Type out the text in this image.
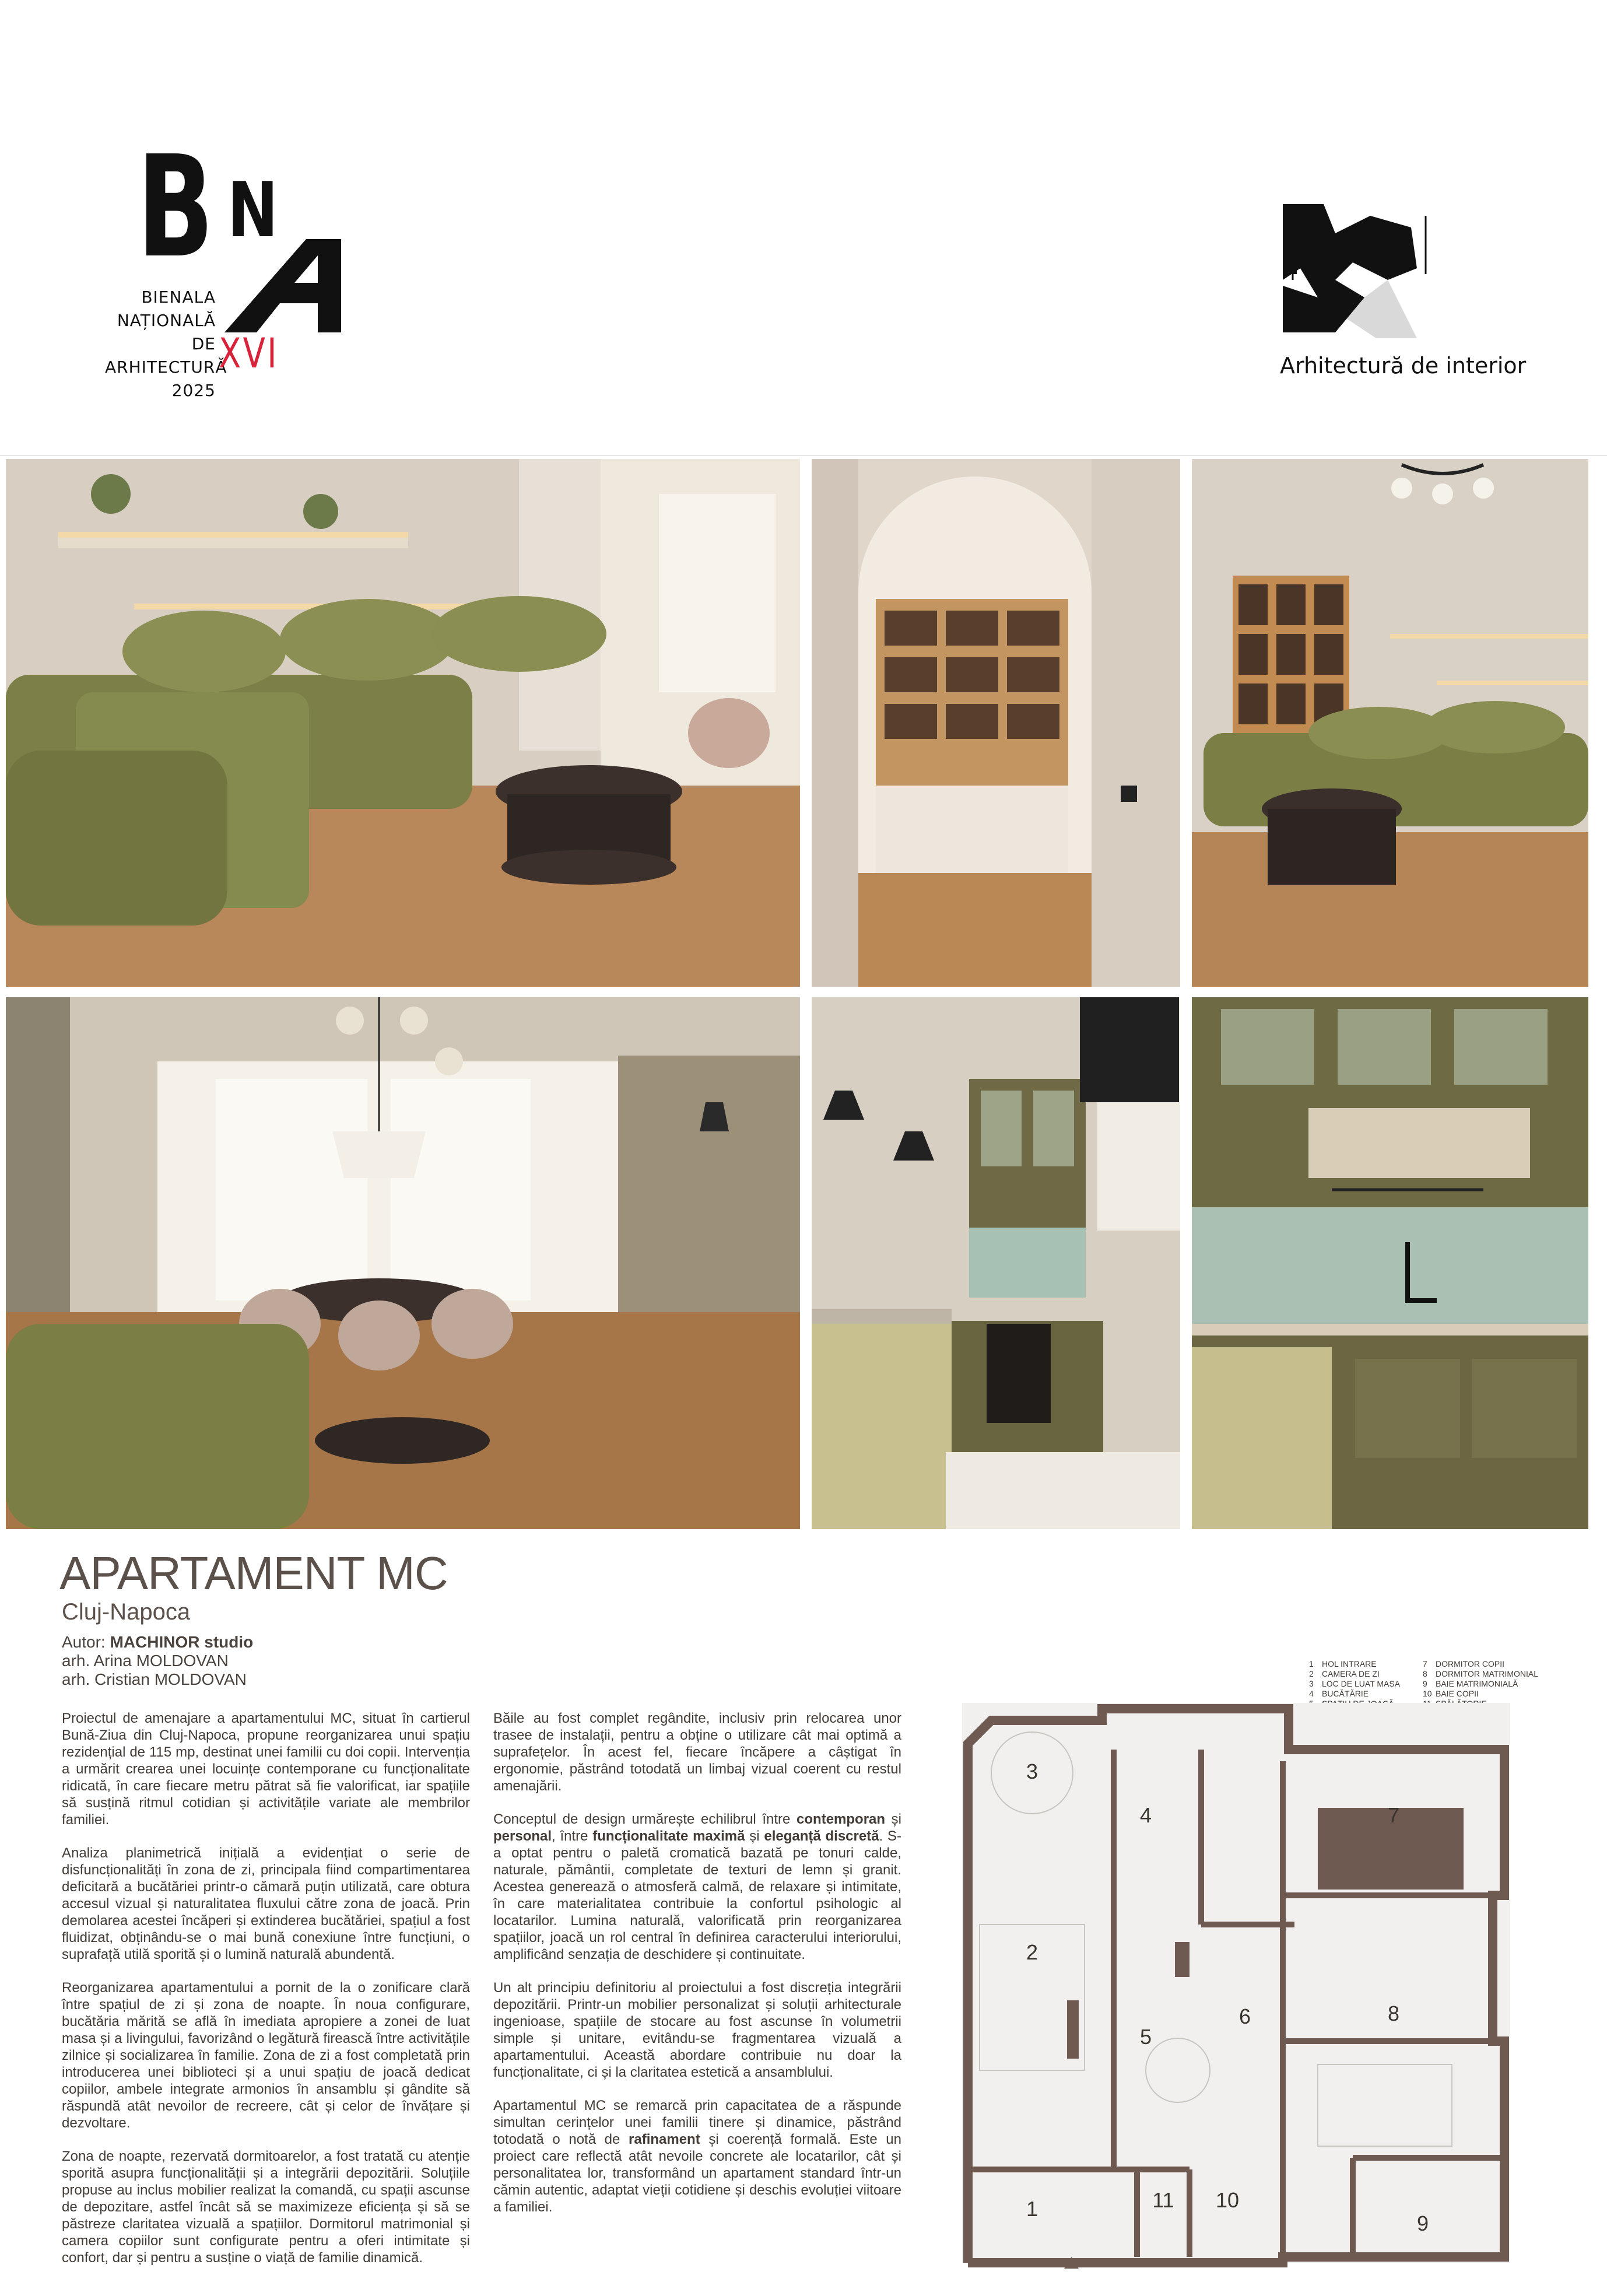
B N
BIENALA
NAȚIONALĂ
DE
ARHITECTURĂ
2025
XVI	Arhitectură de interior
APARTAMENT MC
Cluj-Napoca
Autor: MACHINOR studio
arh. Arina MOLDOVAN
arh. Cristian MOLDOVAN

Proiectul de amenajare a apartamentului MC, situat în cartierul Bună-Ziua din Cluj-Napoca, propune reorganizarea unui spațiu rezidențial de 115 mp, destinat unei familii cu doi copii. Intervenția a urmărit crearea unei locuințe contemporane cu funcționalitate ridicată, în care fiecare metru pătrat să fie valorificat, iar spațiile să susțină ritmul cotidian și activitățile variate ale membrilor familiei.

Analiza planimetrică inițială a evidențiat o serie de disfuncționalități în zona de zi, principala fiind compartimentarea deficitară a bucătăriei printr-o cămară puțin utilizată, care obtura accesul vizual și naturalitatea fluxului către zona de joacă. Prin demolarea acestei încăperi și extinderea bucătăriei, spațiul a fost fluidizat, obținându-se o mai bună conexiune între funcțiuni, o suprafață utilă sporită și o lumină naturală abundentă.

Reorganizarea apartamentului a pornit de la o zonificare clară între spațiul de zi și zona de noapte. În noua configurare, bucătăria mărită se află în imediata apropiere a zonei de luat masa și a livingului, favorizând o legătură firească între activitățile zilnice și socializarea în familie. Zona de zi a fost completată prin introducerea unei biblioteci și a unui spațiu de joacă dedicat copiilor, ambele integrate armonios în ansamblu și gândite să răspundă atât nevoilor de recreere, cât și celor de învățare și dezvoltare.

Zona de noapte, rezervată dormitoarelor, a fost tratată cu atenție sporită asupra funcționalității și a integrării depozitării. Soluțiile propuse au inclus mobilier realizat la comandă, cu spații ascunse de depozitare, astfel încât să se maximizeze eficiența și să se păstreze claritatea vizuală a spațiilor. Dormitorul matrimonial și camera copiilor sunt configurate pentru a oferi intimitate și confort, dar și pentru a susține o viață de familie dinamică.

Băile au fost complet regândite, inclusiv prin relocarea unor trasee de instalații, pentru a obține o utilizare cât mai optimă a suprafețelor. În acest fel, fiecare încăpere a câștigat în ergonomie, păstrând totodată un limbaj vizual coerent cu restul amenajării.

Conceptul de design urmărește echilibrul între contemporan și personal, între funcționalitate maximă și eleganță discretă. S-a optat pentru o paletă cromatică bazată pe tonuri calde, naturale, pământii, completate de texturi de lemn și granit. Acestea generează o atmosferă calmă, de relaxare și intimitate, în care materialitatea contribuie la confortul psihologic al locatarilor. Lumina naturală, valorificată prin reorganizarea spațiilor, joacă un rol central în definirea caracterului interiorului, amplificând senzația de deschidere și continuitate.

Un alt principiu definitoriu al proiectului a fost discreția integrării depozitării. Printr-un mobilier personalizat și soluții arhitecturale ingenioase, spațiile de stocare au fost ascunse în volumetrii simple și unitare, evitându-se fragmentarea vizuală a apartamentului. Această abordare contribuie nu doar la funcționalitate, ci și la claritatea estetică a ansamblului.

Apartamentul MC se remarcă prin capacitatea de a răspunde simultan cerințelor unei familii tinere și dinamice, păstrând totodată o notă de rafinament și coerență formală. Este un proiect care reflectă atât nevoile concrete ale locatarilor, cât și personalitatea lor, transformând un apartament standard într-un cămin autentic, adaptat vieții cotidiene și deschis evoluției viitoare a familiei.

1 HOL INTRARE
2 CAMERA DE ZI
3 LOC DE LUAT MASA
4 BUCĂTĂRIE
7 DORMITOR COPII
8 DORMITOR MATRIMONIAL
9 BAIE MATRIMONIALĂ
10 BAIE COPII
1
2
3
4
5
6
7
8
9
10
11
